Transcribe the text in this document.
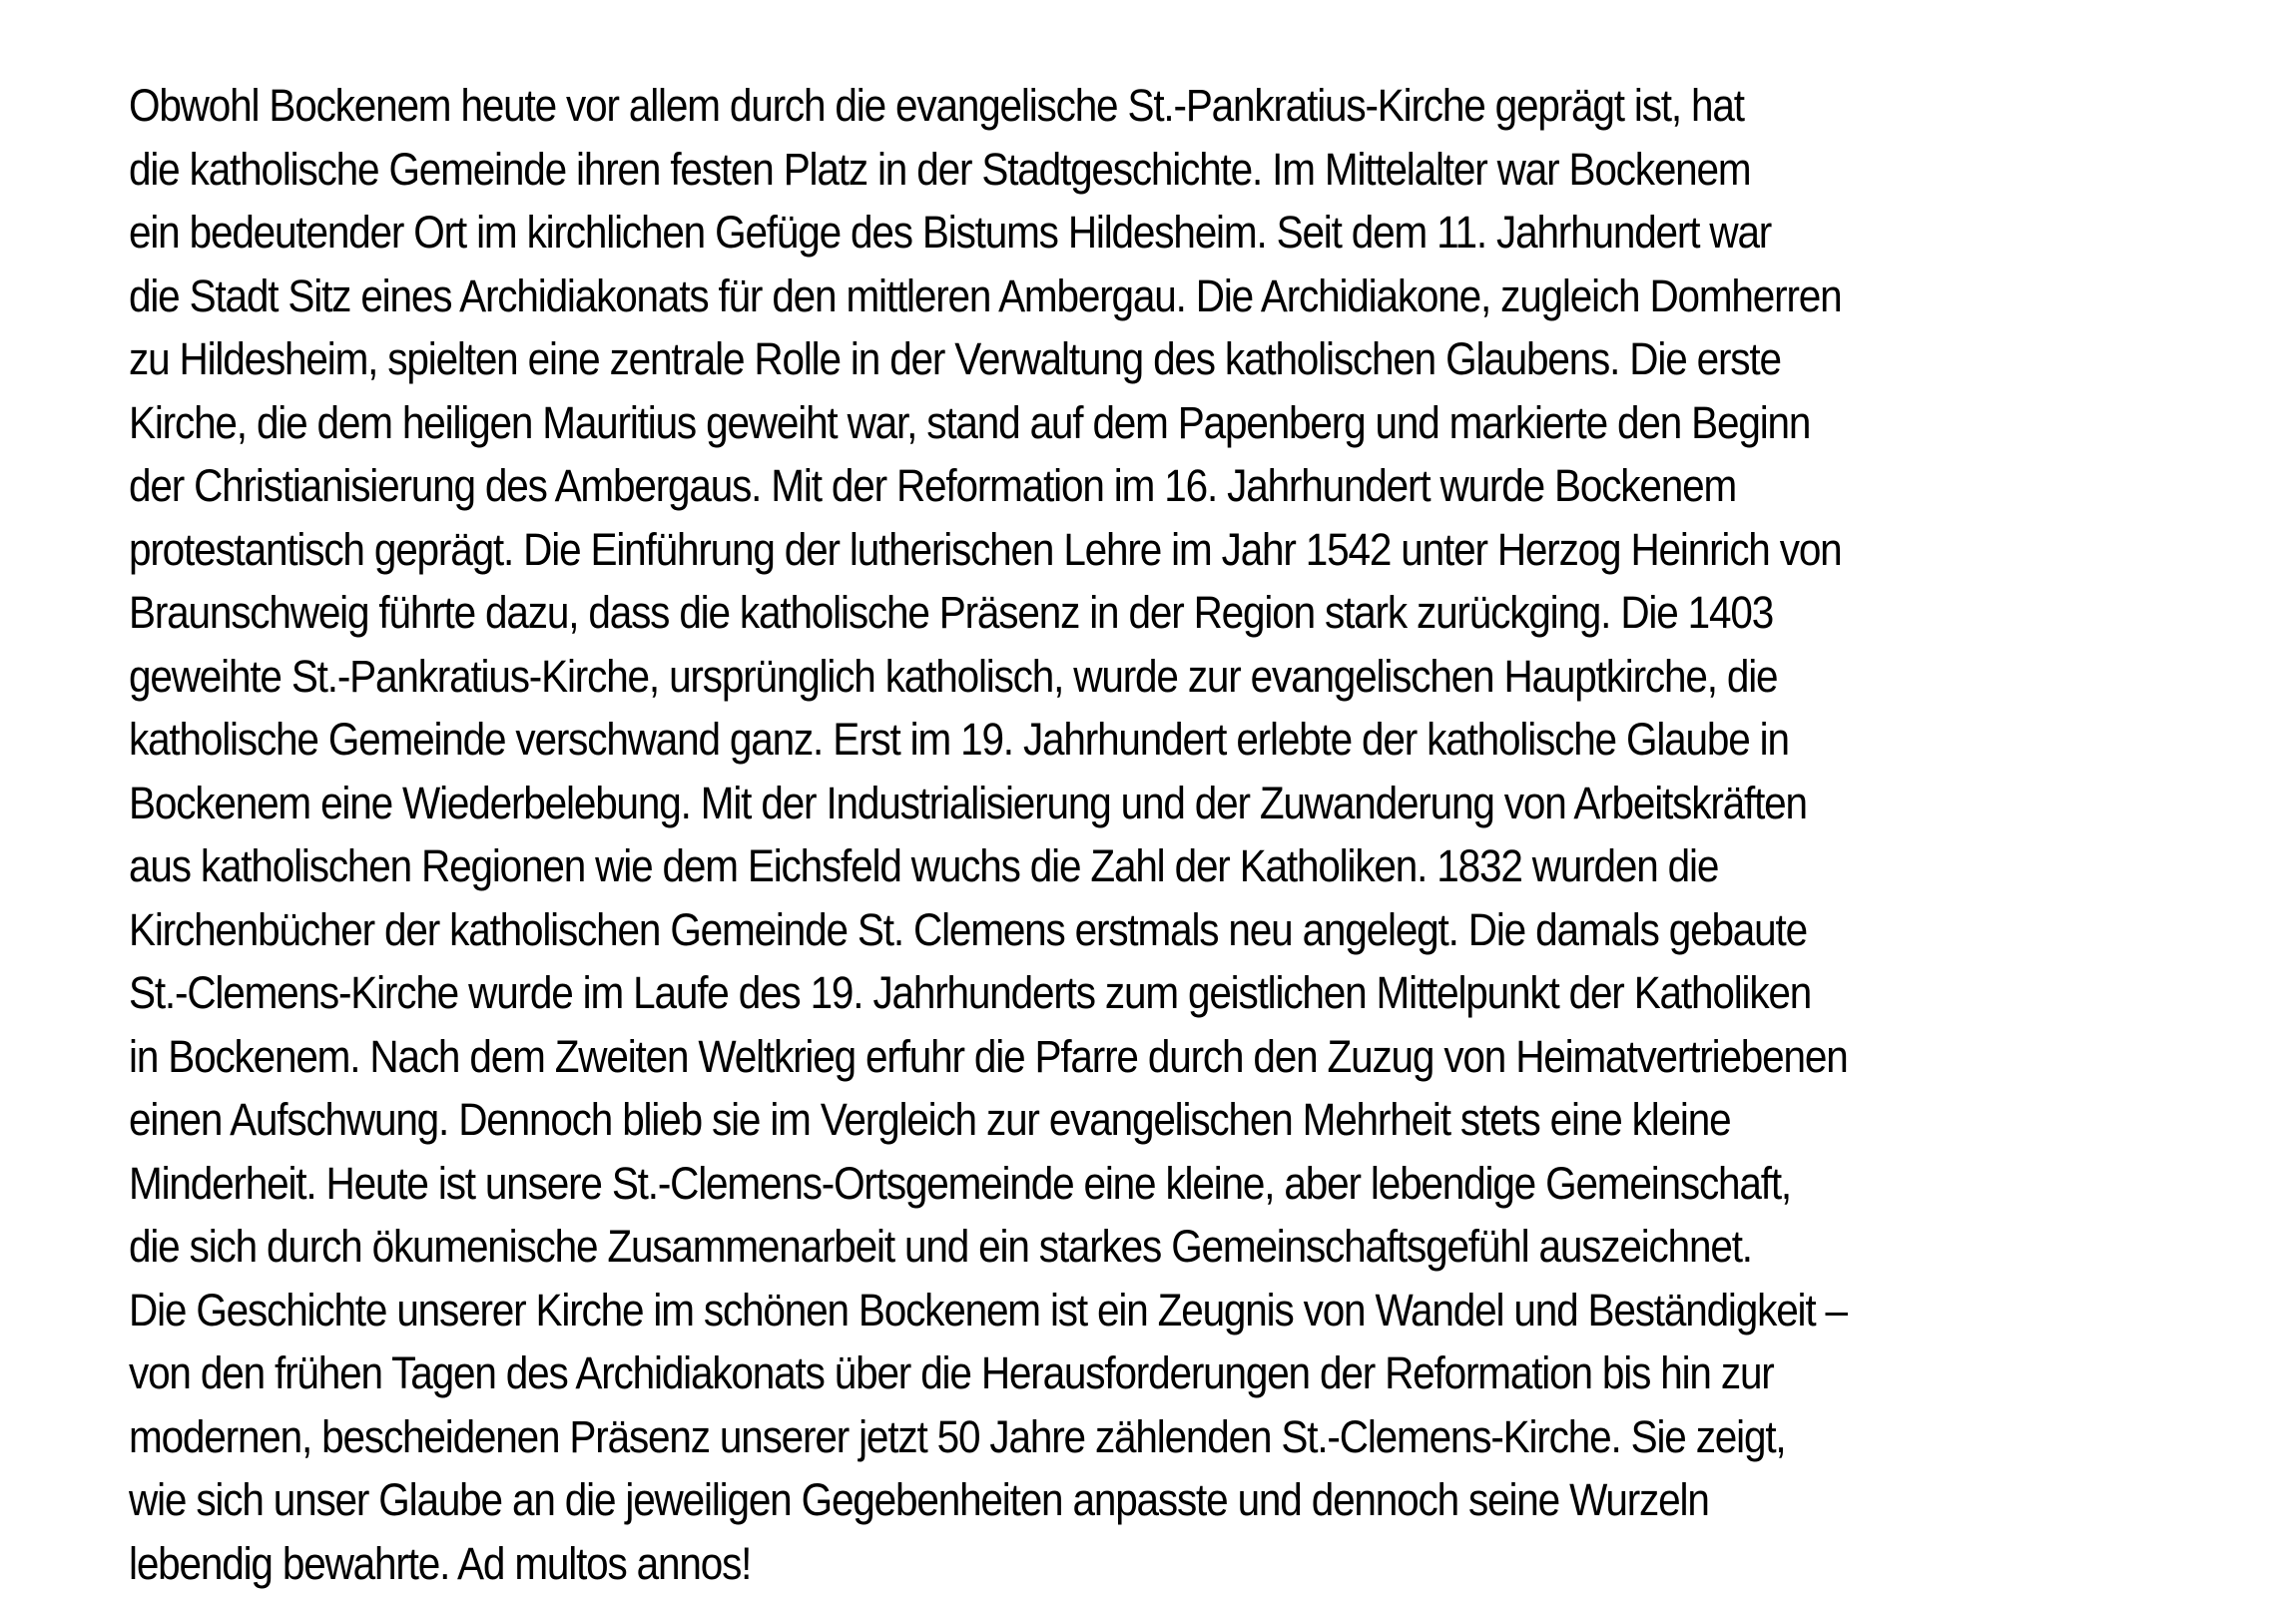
Obwohl Bockenem heute vor allem durch die evangelische St.-Pankratius-Kirche geprägt ist, hat
die katholische Gemeinde ihren festen Platz in der Stadtgeschichte. Im Mittelalter war Bockenem
ein bedeutender Ort im kirchlichen Gefüge des Bistums Hildesheim. Seit dem 11. Jahrhundert war
die Stadt Sitz eines Archidiakonats für den mittleren Ambergau. Die Archidiakone, zugleich Domherren
zu Hildesheim, spielten eine zentrale Rolle in der Verwaltung des katholischen Glaubens. Die erste
Kirche, die dem heiligen Mauritius geweiht war, stand auf dem Papenberg und markierte den Beginn
der Christianisierung des Ambergaus. Mit der Reformation im 16. Jahrhundert wurde Bockenem
protestantisch geprägt. Die Einführung der lutherischen Lehre im Jahr 1542 unter Herzog Heinrich von
Braunschweig führte dazu, dass die katholische Präsenz in der Region stark zurückging. Die 1403
geweihte St.-Pankratius-Kirche, ursprünglich katholisch, wurde zur evangelischen Hauptkirche, die
katholische Gemeinde verschwand ganz. Erst im 19. Jahrhundert erlebte der katholische Glaube in
Bockenem eine Wiederbelebung. Mit der Industrialisierung und der Zuwanderung von Arbeitskräften
aus katholischen Regionen wie dem Eichsfeld wuchs die Zahl der Katholiken. 1832 wurden die
Kirchenbücher der katholischen Gemeinde St. Clemens erstmals neu angelegt. Die damals gebaute
St.-Clemens-Kirche wurde im Laufe des 19. Jahrhunderts zum geistlichen Mittelpunkt der Katholiken
in Bockenem. Nach dem Zweiten Weltkrieg erfuhr die Pfarre durch den Zuzug von Heimatvertriebenen
einen Aufschwung. Dennoch blieb sie im Vergleich zur evangelischen Mehrheit stets eine kleine
Minderheit. Heute ist unsere St.-Clemens-Ortsgemeinde eine kleine, aber lebendige Gemeinschaft,
die sich durch ökumenische Zusammenarbeit und ein starkes Gemeinschaftsgefühl auszeichnet.
Die Geschichte unserer Kirche im schönen Bockenem ist ein Zeugnis von Wandel und Beständigkeit –
von den frühen Tagen des Archidiakonats über die Herausforderungen der Reformation bis hin zur
modernen, bescheidenen Präsenz unserer jetzt 50 Jahre zählenden St.-Clemens-Kirche. Sie zeigt,
wie sich unser Glaube an die jeweiligen Gegebenheiten anpasste und dennoch seine Wurzeln
lebendig bewahrte. Ad multos annos!
